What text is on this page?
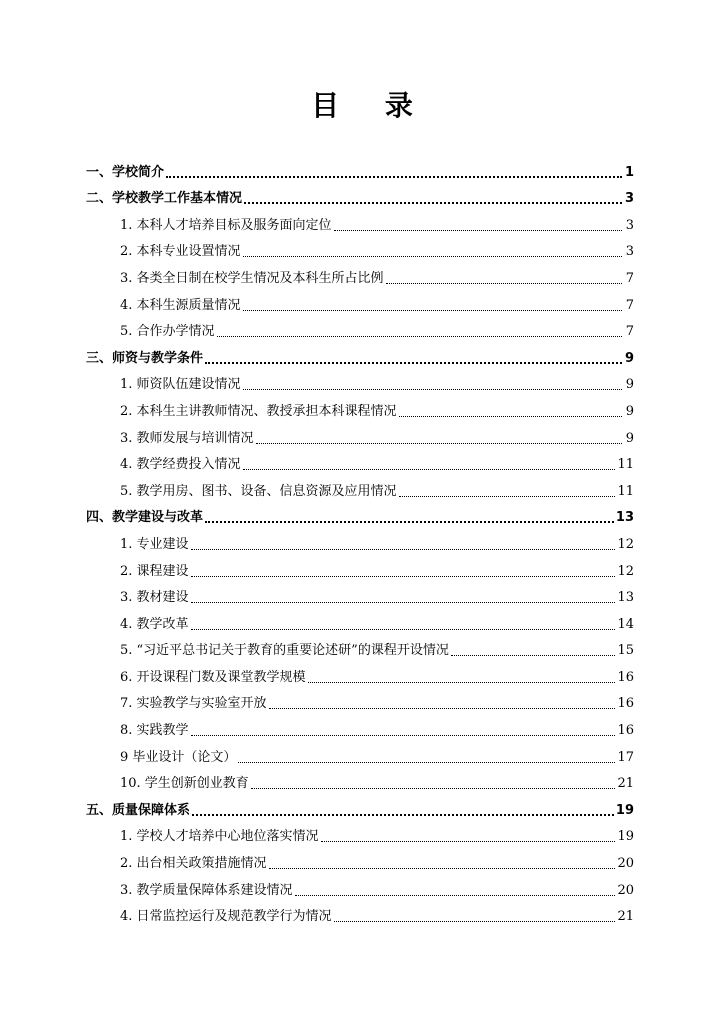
目 录
一、学校简介	1
二、学校教学工作基本情况	3
1. 本科人才培养目标及服务面向定位	3
2. 本科专业设置情况	3
3. 各类全日制在校学生情况及本科生所占比例	7
4. 本科生源质量情况	7
5. 合作办学情况	7
三、师资与教学条件	9
1. 师资队伍建设情况	9
2. 本科生主讲教师情况、教授承担本科课程情况	9
3. 教师发展与培训情况	9
4. 教学经费投入情况	11
5. 教学用房、图书、设备、信息资源及应用情况	11
四、教学建设与改革	13
1. 专业建设	12
2. 课程建设	12
3. 教材建设	13
4. 教学改革	14
5. “习近平总书记关于教育的重要论述研”的课程开设情况	15
6. 开设课程门数及课堂教学规模	16
7. 实验教学与实验室开放	16
8. 实践教学	16
9 毕业设计（论文）	17
10. 学生创新创业教育	21
五、质量保障体系	19
1. 学校人才培养中心地位落实情况	19
2. 出台相关政策措施情况	20
3. 教学质量保障体系建设情况	20
4. 日常监控运行及规范教学行为情况	21
